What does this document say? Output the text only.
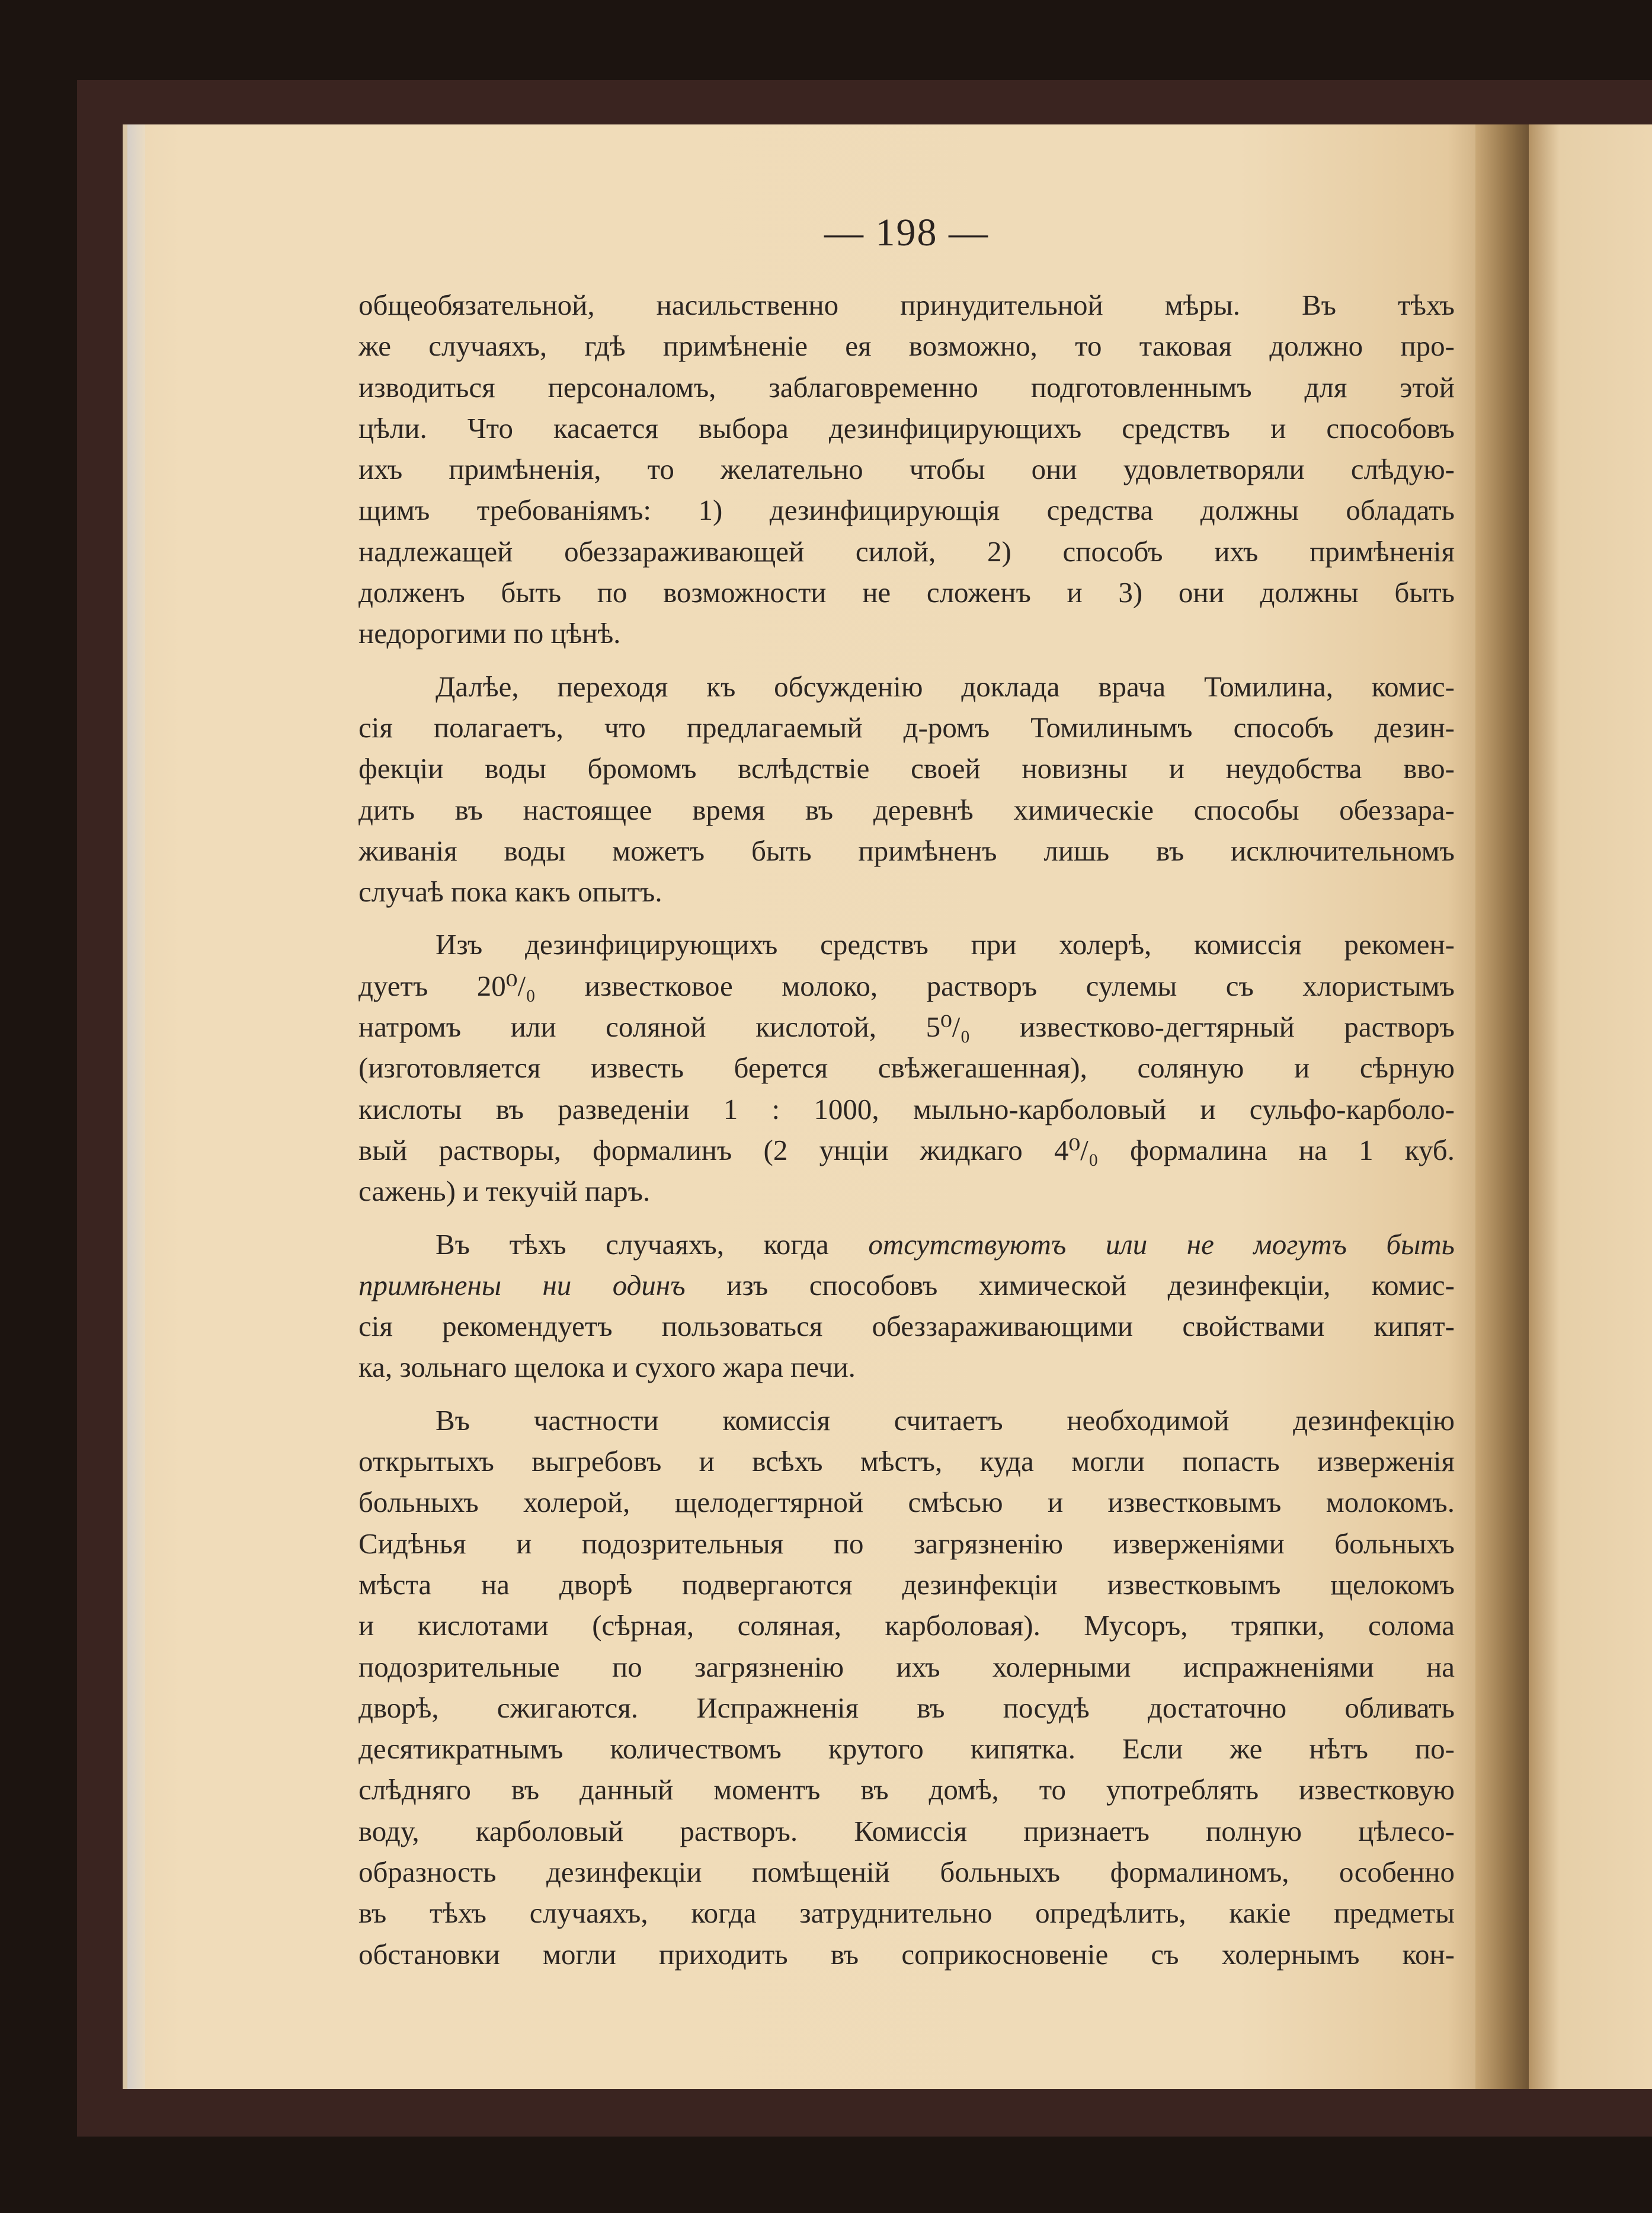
— 198 —
общеобязательной, насильственно принудительной мѣры. Въ тѣхъ
же случаяхъ, гдѣ примѣненіе ея возможно, то таковая должно про-
изводиться персоналомъ, заблаговременно подготовленнымъ для этой
цѣли. Что касается выбора дезинфицирующихъ средствъ и способовъ
ихъ примѣненія, то желательно чтобы они удовлетворяли слѣдую-
щимъ требованіямъ: 1) дезинфицирующія средства должны обладать
надлежащей обеззараживающей силой, 2) способъ ихъ примѣненія
долженъ быть по возможности не сложенъ и 3) они должны быть
недорогими по цѣнѣ.
Далѣе, переходя къ обсужденію доклада врача Томилина, комис-
сія полагаетъ, что предлагаемый д-ромъ Томилинымъ способъ дезин-
фекціи воды бромомъ вслѣдствіе своей новизны и неудобства вво-
дить въ настоящее время въ деревнѣ химическіе способы обеззара-
живанія воды можетъ быть примѣненъ лишь въ исключительномъ
случаѣ пока какъ опытъ.
Изъ дезинфицирующихъ средствъ при холерѣ, комиссія рекомен-
дуетъ 20⁰/₀ известковое молоко, растворъ сулемы съ хлористымъ
натромъ или соляной кислотой, 5⁰/₀ известково-дегтярный растворъ
(изготовляется известь берется свѣжегашенная), соляную и сѣрную
кислоты въ разведеніи 1 : 1000, мыльно-карболовый и сульфо-карболо-
вый растворы, формалинъ (2 унціи жидкаго 4⁰/₀ формалина на 1 куб.
сажень) и текучій паръ.
Въ тѣхъ случаяхъ, когда отсутствуютъ или не могутъ быть
примѣнены ни одинъ изъ способовъ химической дезинфекціи, комис-
сія рекомендуетъ пользоваться обеззараживающими свойствами кипят-
ка, зольнаго щелока и сухого жара печи.
Въ частности комиссія считаетъ необходимой дезинфекцію
открытыхъ выгребовъ и всѣхъ мѣстъ, куда могли попасть изверженія
больныхъ холерой, щелодегтярной смѣсью и известковымъ молокомъ.
Сидѣнья и подозрительныя по загрязненію изверженіями больныхъ
мѣста на дворѣ подвергаются дезинфекціи известковымъ щелокомъ
и кислотами (сѣрная, соляная, карболовая). Мусоръ, тряпки, солома
подозрительные по загрязненію ихъ холерными испражненіями на
дворѣ, сжигаются. Испражненія въ посудѣ достаточно обливать
десятикратнымъ количествомъ крутого кипятка. Если же нѣтъ по-
слѣдняго въ данный моментъ въ домѣ, то употреблять известковую
воду, карболовый растворъ. Комиссія признаетъ полную цѣлесо-
образность дезинфекціи помѣщеній больныхъ формалиномъ, особенно
въ тѣхъ случаяхъ, когда затруднительно опредѣлить, какіе предметы
обстановки могли приходить въ соприкосновеніе съ холернымъ кон-
